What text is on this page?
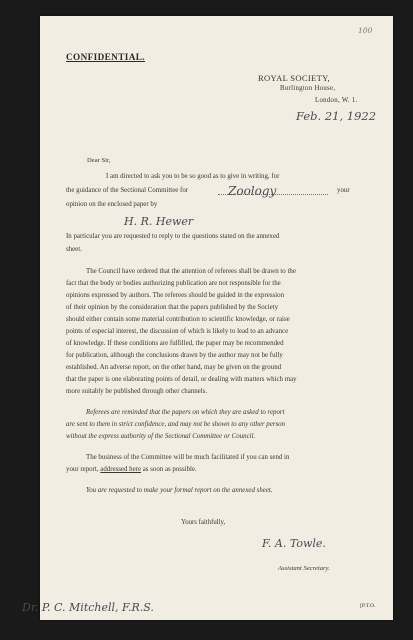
100
CONFIDENTIAL.
ROYAL SOCIETY,
Burlington House,
London, W. 1.
Feb. 21, 1922
Dear Sir,
I am directed to ask you to be so good as to give in writing, for
the guidance of the Sectional Committee for	Zoology	your
opinion on the enclosed paper by
H. R. Hewer
In particular you are requested to reply to the questions stated on the annexed
sheet.
The Council have ordered that the attention of referees shall be drawn to the
fact that the body or bodies authorizing publication are not responsible for the
opinions expressed by authors. The referees should be guided in the expression
of their opinion by the consideration that the papers published by the Society
should either contain some material contribution to scientific knowledge, or raise
points of especial interest, the discussion of which is likely to lead to an advance
of knowledge. If these conditions are fulfilled, the paper may be recommended
for publication, although the conclusions drawn by the author may not be fully
established. An adverse report, on the other hand, may be given on the ground
that the paper is one elaborating points of detail, or dealing with matters which may
more suitably be published through other channels.
Referees are reminded that the papers on which they are asked to report
are sent to them in strict confidence, and may not be shown to any other person
without the express authority of the Sectional Committee or Council.
The business of the Committee will be much facilitated if you can send in
your report, addressed here as soon as possible.
You are requested to make your formal report on the annexed sheet.
Yours faithfully,
F. A. Towle.
Assistant Secretary.
Dr. P. C. Mitchell, F.R.S.	[P.T.O.
